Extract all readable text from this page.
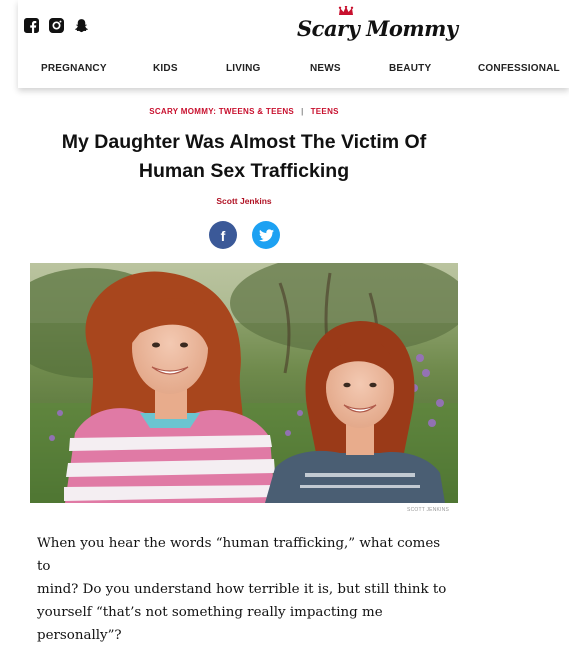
Scary Mommy
PREGNANCY	KIDS	LIVING	NEWS	BEAUTY	CONFESSIONAL
SCARY MOMMY: TWEENS & TEENS | TEENS
My Daughter Was Almost The Victim Of
Human Sex Trafficking
Scott Jenkins
f
SCOTT JENKINS
When you hear the words “human trafficking,” what comes to
mind? Do you understand how terrible it is, but still think to
yourself “that’s not something really impacting me personally”?
